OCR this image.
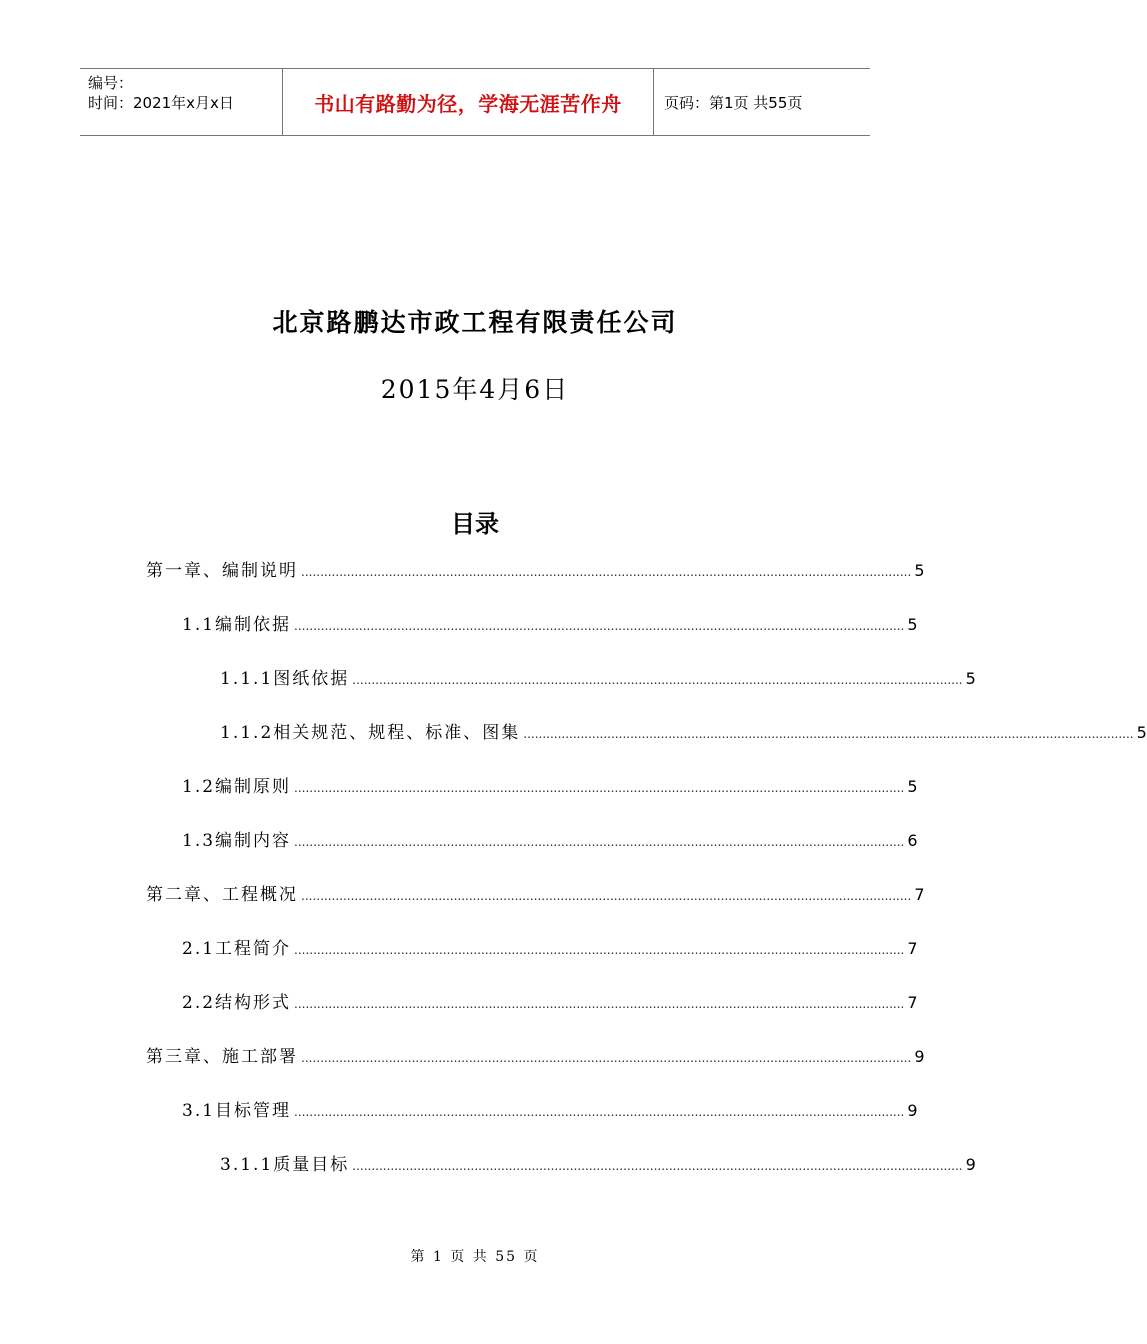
编号：
时间：2021年x月x日	书山有路勤为径，学海无涯苦作舟	页码：第1页 共55页
北京路鹏达市政工程有限责任公司
2015年4月6日
目录
第一章、编制说明 ................................................................................................................................................................ 5
1.1编制依据 ................................................................................................................................................................ 5
1.1.1图纸依据 ................................................................................................................................................................ 5
1.1.2相关规范、规程、标准、图集 ................................................................................................................................................................ 5
1.2编制原则 ................................................................................................................................................................ 5
1.3编制内容 ................................................................................................................................................................ 6
第二章、工程概况 ................................................................................................................................................................ 7
2.1工程简介 ................................................................................................................................................................ 7
2.2结构形式 ................................................................................................................................................................ 7
第三章、施工部署 ................................................................................................................................................................ 9
3.1目标管理 ................................................................................................................................................................ 9
3.1.1质量目标 ................................................................................................................................................................ 9
第 1 页 共 55 页
